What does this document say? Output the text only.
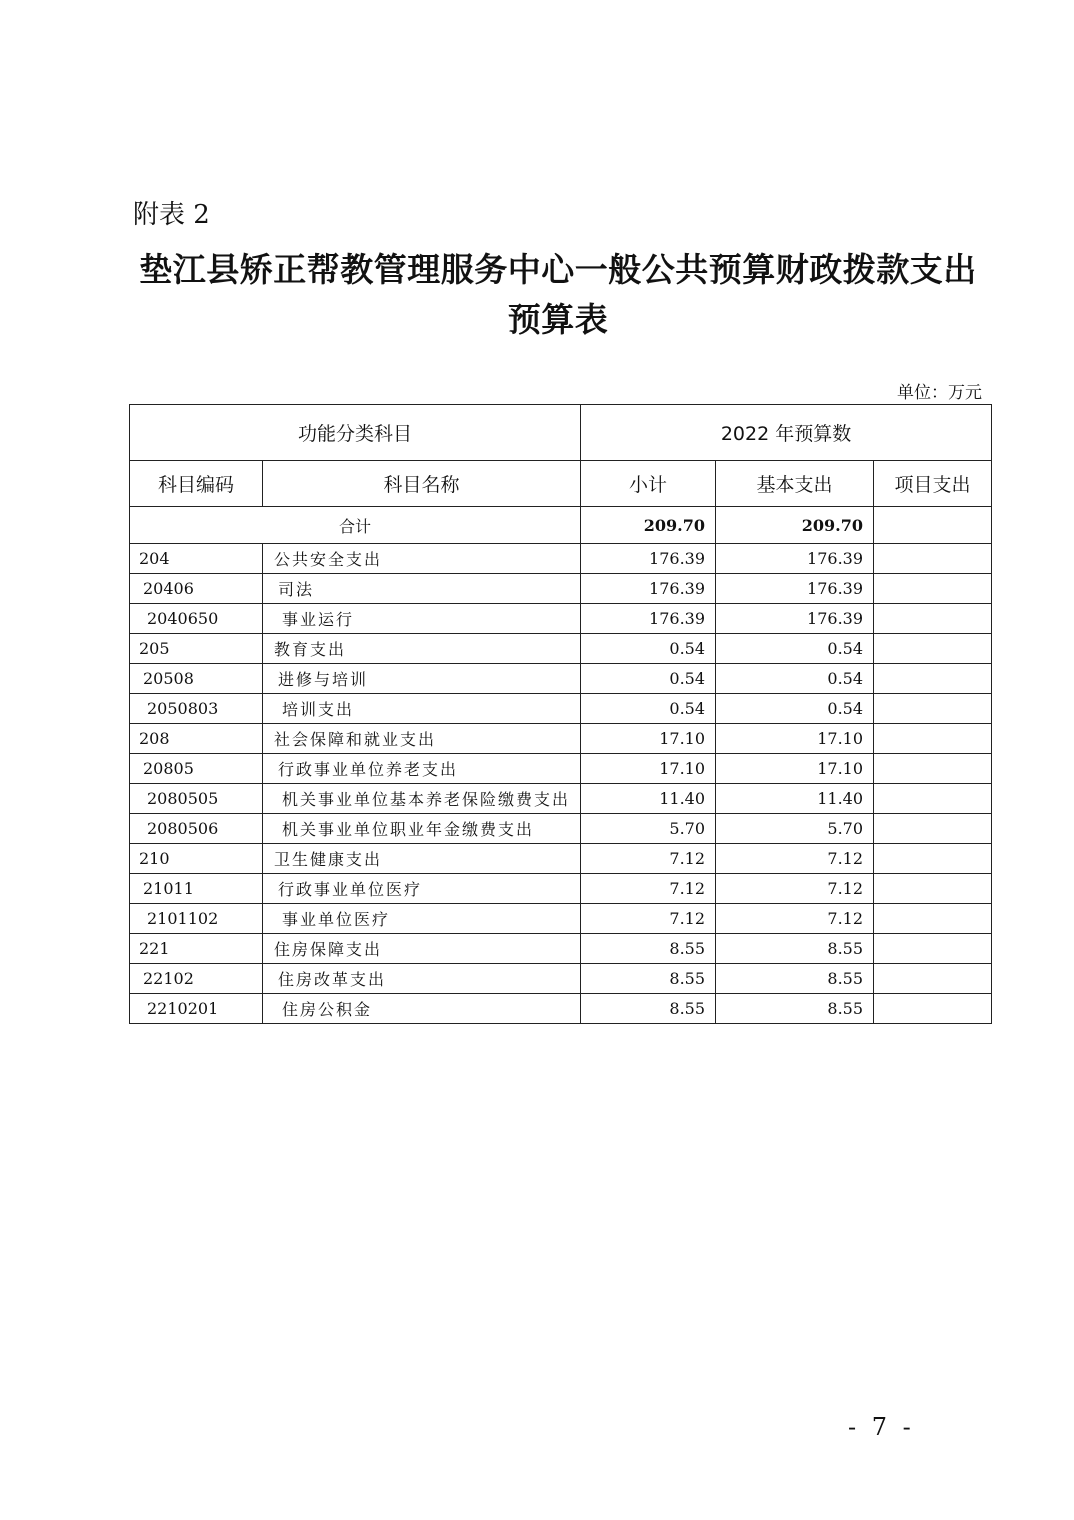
附表 2
垫江县矫正帮教管理服务中心一般公共预算财政拨款支出
预算表
单位：万元
功能分类科目		2022 年预算数		
科目编码	科目名称	小计	基本支出	项目支出
合计		209.70	209.70	
204	公共安全支出	176.39	176.39	
20406	司法	176.39	176.39	
2040650	事业运行	176.39	176.39	
205	教育支出	0.54	0.54	
20508	进修与培训	0.54	0.54	
2050803	培训支出	0.54	0.54	
208	社会保障和就业支出	17.10	17.10	
20805	行政事业单位养老支出	17.10	17.10	
2080505	机关事业单位基本养老保险缴费支出	11.40	11.40	
2080506	机关事业单位职业年金缴费支出	5.70	5.70	
210	卫生健康支出	7.12	7.12	
21011	行政事业单位医疗	7.12	7.12	
2101102	事业单位医疗	7.12	7.12	
221	住房保障支出	8.55	8.55	
22102	住房改革支出	8.55	8.55	
2210201	住房公积金	8.55	8.55	
- 7 -
